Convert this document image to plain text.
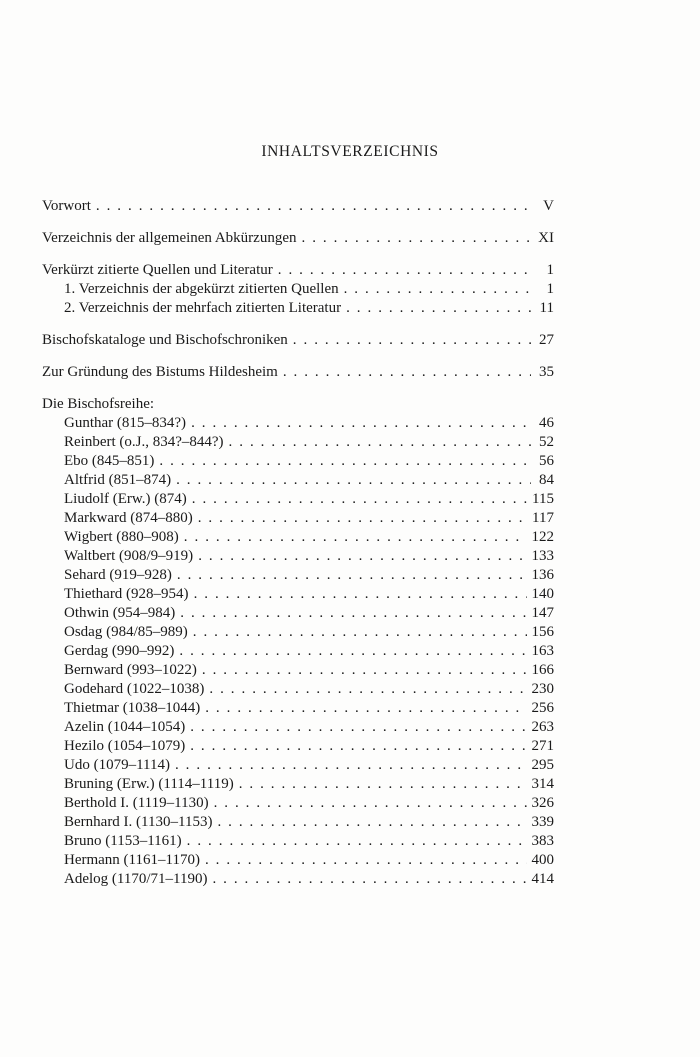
INHALTSVERZEICHNIS
Vorwort . . .	V
Verzeichnis der allgemeinen Abkürzungen . . .	XI
Verkürzt zitierte Quellen und Literatur . . .	1
1. Verzeichnis der abgekürzt zitierten Quellen . . .	1
2. Verzeichnis der mehrfach zitierten Literatur . . .	11
Bischofskataloge und Bischofschroniken . . .	27
Zur Gründung des Bistums Hildesheim . . .	35
Die Bischofsreihe:
Gunthar (815–834?) . . .	46
Reinbert (o.J., 834?–844?) . . .	52
Ebo (845–851) . . .	56
Altfrid (851–874) . . .	84
Liudolf (Erw.) (874) . . .	115
Markward (874–880) . . .	117
Wigbert (880–908) . . .	122
Waltbert (908/9–919) . . .	133
Sehard (919–928) . . .	136
Thiethard (928–954) . . .	140
Othwin (954–984) . . .	147
Osdag (984/85–989) . . .	156
Gerdag (990–992) . . .	163
Bernward (993–1022) . . .	166
Godehard (1022–1038) . . .	230
Thietmar (1038–1044) . . .	256
Azelin (1044–1054) . . .	263
Hezilo (1054–1079) . . .	271
Udo (1079–1114) . . .	295
Bruning (Erw.) (1114–1119) . . .	314
Berthold I. (1119–1130) . . .	326
Bernhard I. (1130–1153) . . .	339
Bruno (1153–1161) . . .	383
Hermann (1161–1170) . . .	400
Adelog (1170/71–1190) . . .	414
